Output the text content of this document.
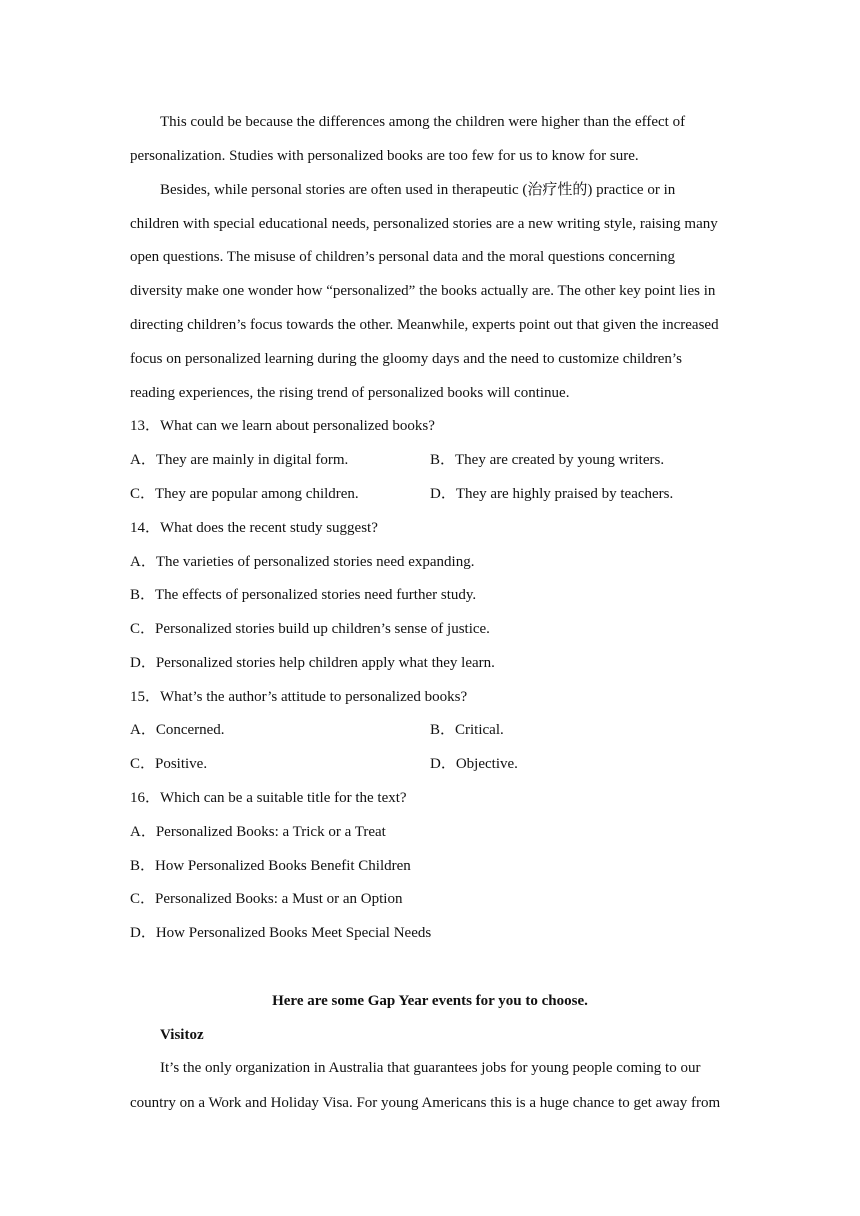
This could be because the differences among the children were higher than the effect of
personalization. Studies with personalized books are too few for us to know for sure.
Besides, while personal stories are often used in therapeutic (治疗性的) practice or in
children with special educational needs, personalized stories are a new writing style, raising many
open questions. The misuse of children’s personal data and the moral questions concerning
diversity make one wonder how “personalized” the books actually are. The other key point lies in
directing children’s focus towards the other. Meanwhile, experts point out that given the increased
focus on personalized learning during the gloomy days and the need to customize children’s
reading experiences, the rising trend of personalized books will continue.
13．What can we learn about personalized books?
A．They are mainly in digital form.	B．They are created by young writers.
C．They are popular among children.	D．They are highly praised by teachers.
14．What does the recent study suggest?
A．The varieties of personalized stories need expanding.
B．The effects of personalized stories need further study.
C．Personalized stories build up children’s sense of justice.
D．Personalized stories help children apply what they learn.
15．What’s the author’s attitude to personalized books?
A．Concerned.	B．Critical.
C．Positive.	D．Objective.
16．Which can be a suitable title for the text?
A．Personalized Books: a Trick or a Treat
B．How Personalized Books Benefit Children
C．Personalized Books: a Must or an Option
D．How Personalized Books Meet Special Needs
Here are some Gap Year events for you to choose.
Visitoz
It’s the only organization in Australia that guarantees jobs for young people coming to our
country on a Work and Holiday Visa. For young Americans this is a huge chance to get away from
